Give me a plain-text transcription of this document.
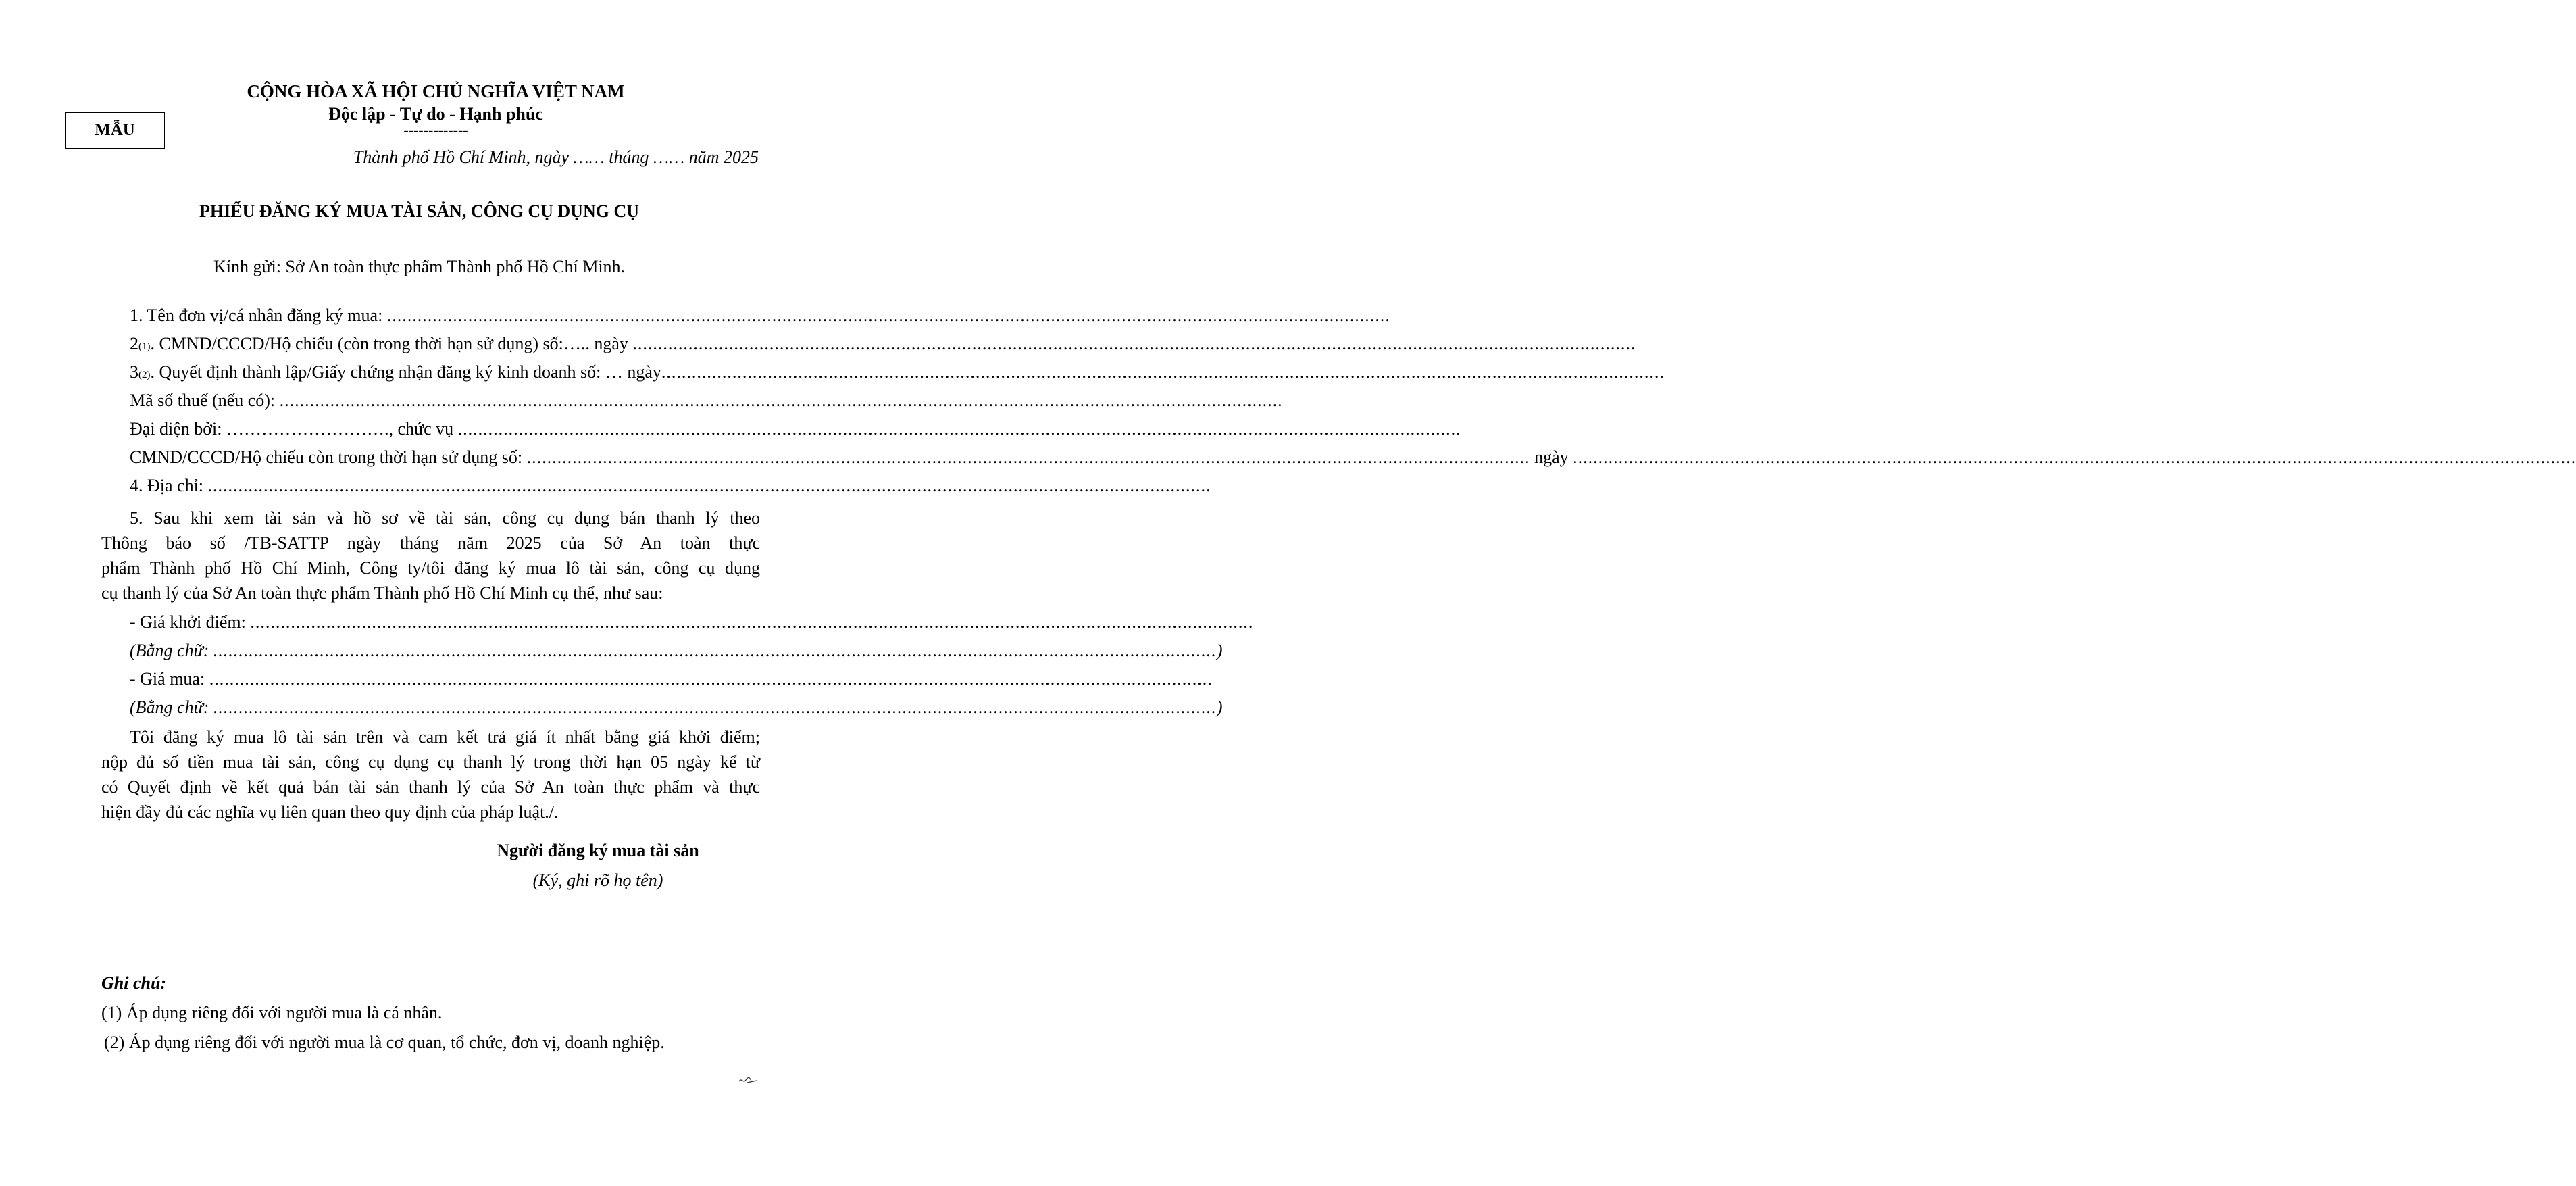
MẪU
CỘNG HÒA XÃ HỘI CHỦ NGHĨA VIỆT NAM
Độc lập - Tự do - Hạnh phúc
-------------
Thành phố Hồ Chí Minh, ngày …… tháng …… năm 2025
PHIẾU ĐĂNG KÝ MUA TÀI SẢN, CÔNG CỤ DỤNG CỤ
Kính gửi: Sở An toàn thực phẩm Thành phố Hồ Chí Minh.
1. Tên đơn vị/cá nhân đăng ký mua:
......................................................................................................................................................................................................
2 (1) . CMND/CCCD/Hộ chiếu (còn trong thời hạn sử dụng) số:….. ngày
......................................................................................................................................................................................................
3 (2) . Quyết định thành lập/Giấy chứng nhận đăng ký kinh doanh số: … ngày ......................................................................................................................................................................................................
Mã số thuế (nếu có):
......................................................................................................................................................................................................
Đại diện bởi: ………………………., chức vụ
......................................................................................................................................................................................................
CMND/CCCD/Hộ chiếu còn trong thời hạn sử dụng số:
......................................................................................................................................................................................................
ngày
......................................................................................................................................................................................................
4. Địa chỉ:
......................................................................................................................................................................................................
5. Sau khi xem tài sản và hồ sơ về tài sản, công cụ dụng bán thanh lý theo
Thông báo số /TB-SATTP ngày tháng năm 2025 của Sở An toàn thực
phẩm Thành phố Hồ Chí Minh, Công ty/tôi đăng ký mua lô tài sản, công cụ dụng
cụ thanh lý của Sở An toàn thực phẩm Thành phố Hồ Chí Minh cụ thể, như sau:
- Giá khởi điểm:
......................................................................................................................................................................................................
(Bằng chữ:
...................................................................................................................................................................................................... )
- Giá mua:
......................................................................................................................................................................................................
(Bằng chữ:
...................................................................................................................................................................................................... )
Tôi đăng ký mua lô tài sản trên và cam kết trả giá ít nhất bằng giá khởi điểm;
nộp đủ số tiền mua tài sản, công cụ dụng cụ thanh lý trong thời hạn 05 ngày kể từ
có Quyết định về kết quả bán tài sản thanh lý của Sở An toàn thực phẩm và thực
hiện đầy đủ các nghĩa vụ liên quan theo quy định của pháp luật./.
Người đăng ký mua tài sản
(Ký, ghi rõ họ tên)
Ghi chú:
(1) Áp dụng riêng đối với người mua là cá nhân.
(2) Áp dụng riêng đối với người mua là cơ quan, tổ chức, đơn vị, doanh nghiệp.
